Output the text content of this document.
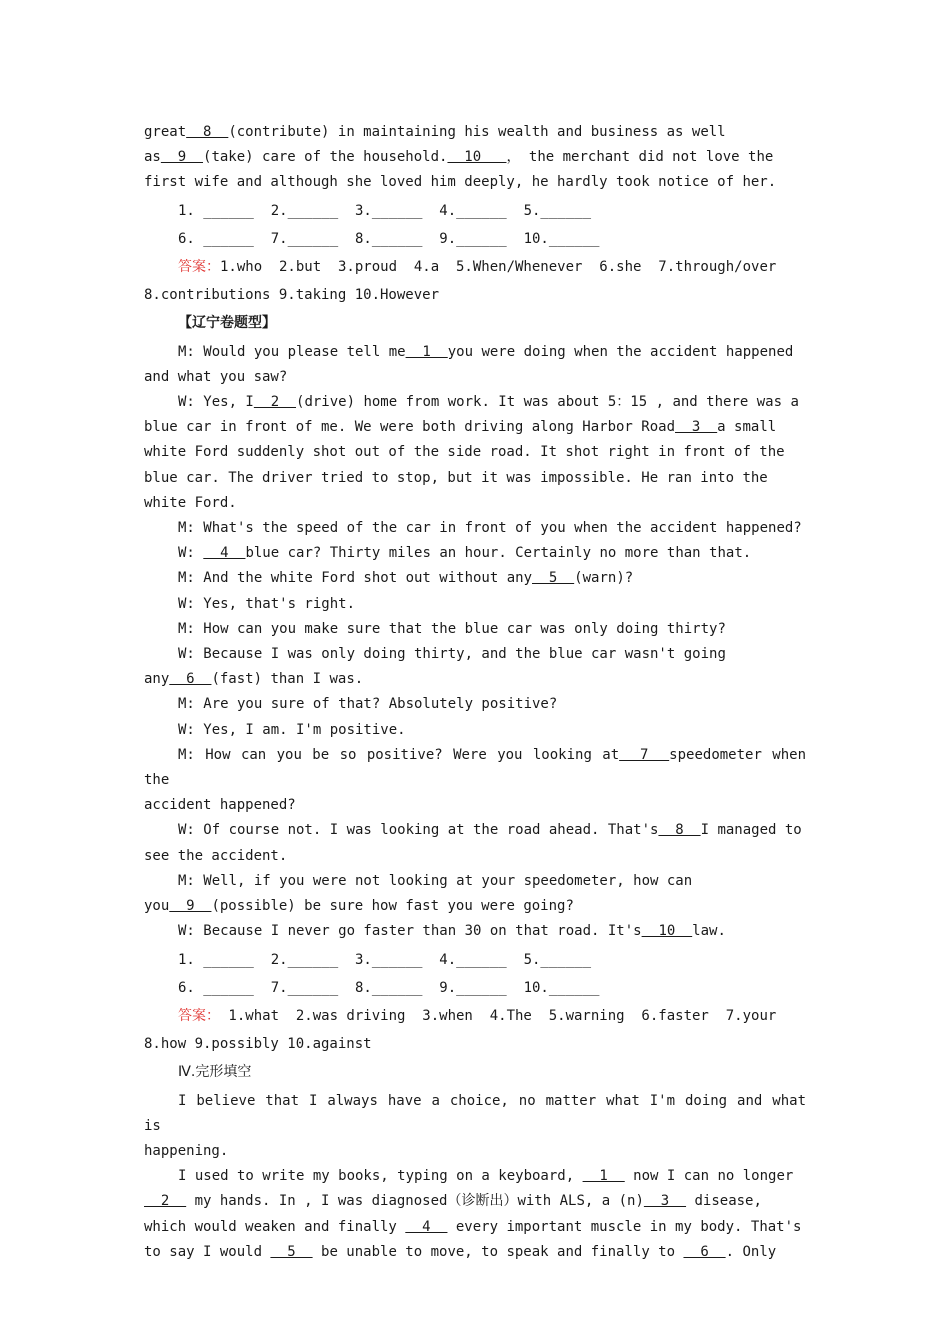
great  8  (contribute) in maintaining his wealth and business as well

as  9  (take) care of the household.  10   ， the merchant did not love the

first wife and although she loved him deeply, he hardly took notice of her.

1. ______  2.______  3.______  4.______  5.______

6. ______  7.______  8.______  9.______  10.______

答案：1.who  2.but  3.proud  4.a  5.When/Whenever  6.she  7.through/over

8.contributions 9.taking 10.However

【辽宁卷题型】

M: Would you please tell me  1  you were doing when the accident happened

and what you saw?

W: Yes, I  2  (drive) home from work. It was about 5：15 , and there was a

blue car in front of me. We were both driving along Harbor Road  3  a small

white Ford suddenly shot out of the side road. It shot right in front of the

blue car. The driver tried to stop, but it was impossible. He ran into the

white Ford.

M: What's the speed of the car in front of you when the accident happened?

W:   4  blue car? Thirty miles an hour. Certainly no more than that.

M: And the white Ford shot out without any  5  (warn)?

W: Yes, that's right.

M: How can you make sure that the blue car was only doing thirty?

W: Because I was only doing thirty, and the blue car wasn't going

any  6  (fast) than I was.

M: Are you sure of that? Absolutely positive?

W: Yes, I am. I'm positive.

M: How can you be so positive? Were you looking at  7  speedometer when the

accident happened?

W: Of course not. I was looking at the road ahead. That's  8  I managed to

see the accident.

M: Well, if you were not looking at your speedometer, how can

you  9  (possible) be sure how fast you were going?

W: Because I never go faster than 30 on that road. It's  10  law.

1. ______  2.______  3.______  4.______  5.______

6. ______  7.______  8.______  9.______  10.______

答案： 1.what  2.was driving  3.when  4.The  5.warning  6.faster  7.your

8.how 9.possibly 10.against

Ⅳ.完形填空

I believe that I always have a choice, no matter what I'm doing and what is

happening.

I used to write my books, typing on a keyboard,   1   now I can no longer

2   my hands. In , I was diagnosed（诊断出）with ALS, a (n)  3   disease,

which would weaken and finally   4   every important muscle in my body. That's

to say I would   5   be unable to move, to speak and finally to   6  . Only
